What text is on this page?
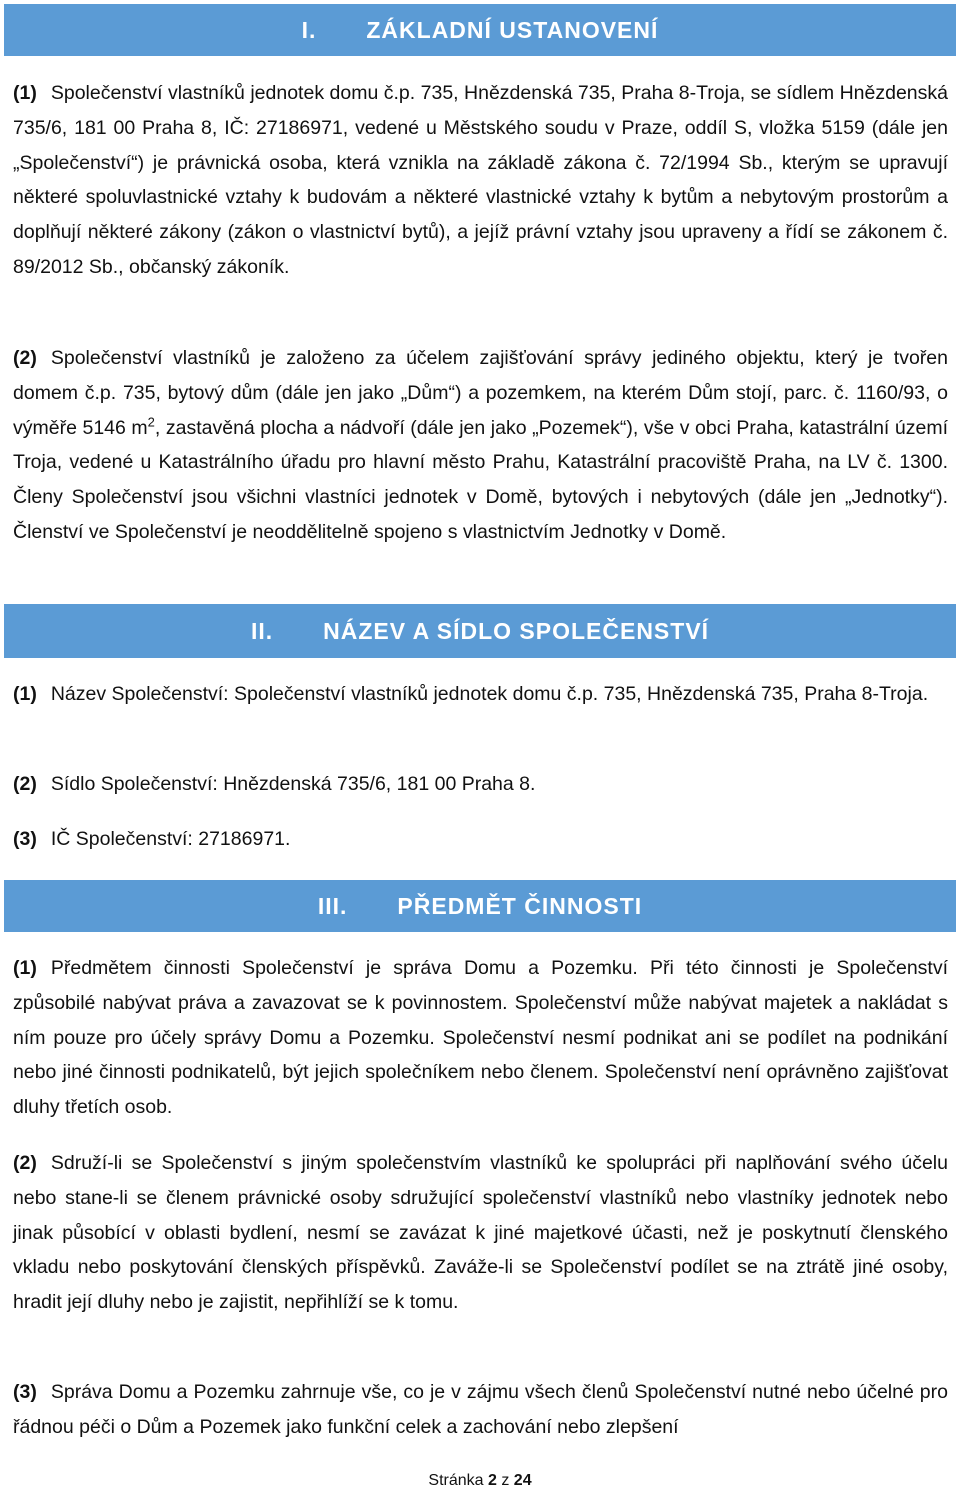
I. ZÁKLADNÍ USTANOVENÍ

(1) Společenství vlastníků jednotek domu č.p. 735, Hnězdenská 735, Praha 8-Troja, se sídlem Hnězdenská 735/6, 181 00 Praha 8, IČ: 27186971, vedené u Městského soudu v Praze, oddíl S, vložka 5159 (dále jen „Společenství“) je právnická osoba, která vznikla na základě zákona č. 72/1994 Sb., kterým se upravují některé spoluvlastnické vztahy k budovám a některé vlastnické vztahy k bytům a nebytovým prostorům a doplňují některé zákony (zákon o vlastnictví bytů), a jejíž právní vztahy jsou upraveny a řídí se zákonem č. 89/2012 Sb., občanský zákoník.

(2) Společenství vlastníků je založeno za účelem zajišťování správy jediného objektu, který je tvořen domem č.p. 735, bytový dům (dále jen jako „Dům“) a pozemkem, na kterém Dům stojí, parc. č. 1160/93, o výměře 5146 $m^2$, zastavěná plocha a nádvoří (dále jen jako „Pozemek“), vše v obci Praha, katastrální území Troja, vedené u Katastrálního úřadu pro hlavní město Prahu, Katastrální pracoviště Praha, na LV č. 1300. Členy Společenství jsou všichni vlastníci jednotek v Domě, bytových i nebytových (dále jen „Jednotky“). Členství ve Společenství je neoddělitelně spojeno s vlastnictvím Jednotky v Domě.

II. NÁZEV A SÍDLO SPOLEČENSTVÍ

(1) Název Společenství: Společenství vlastníků jednotek domu č.p. 735, Hnězdenská 735, Praha 8-Troja.

(2) Sídlo Společenství: Hnězdenská 735/6, 181 00 Praha 8.

(3) IČ Společenství: 27186971.

III. PŘEDMĚT ČINNOSTI

(1) Předmětem činnosti Společenství je správa Domu a Pozemku. Při této činnosti je Společenství způsobilé nabývat práva a zavazovat se k povinnostem. Společenství může nabývat majetek a nakládat s ním pouze pro účely správy Domu a Pozemku. Společenství nesmí podnikat ani se podílet na podnikání nebo jiné činnosti podnikatelů, být jejich společníkem nebo členem. Společenství není oprávněno zajišťovat dluhy třetích osob.

(2) Sdruží-li se Společenství s jiným společenstvím vlastníků ke spolupráci při naplňování svého účelu nebo stane-li se členem právnické osoby sdružující společenství vlastníků nebo vlastníky jednotek nebo jinak působící v oblasti bydlení, nesmí se zavázat k jiné majetkové účasti, než je poskytnutí členského vkladu nebo poskytování členských příspěvků. Zaváže-li se Společenství podílet se na ztrátě jiné osoby, hradit její dluhy nebo je zajistit, nepřihlíží se k tomu.

(3) Správa Domu a Pozemku zahrnuje vše, co je v zájmu všech členů Společenství nutné nebo účelné pro řádnou péči o Dům a Pozemek jako funkční celek a zachování nebo zlepšení

Stránka 2 z 24
